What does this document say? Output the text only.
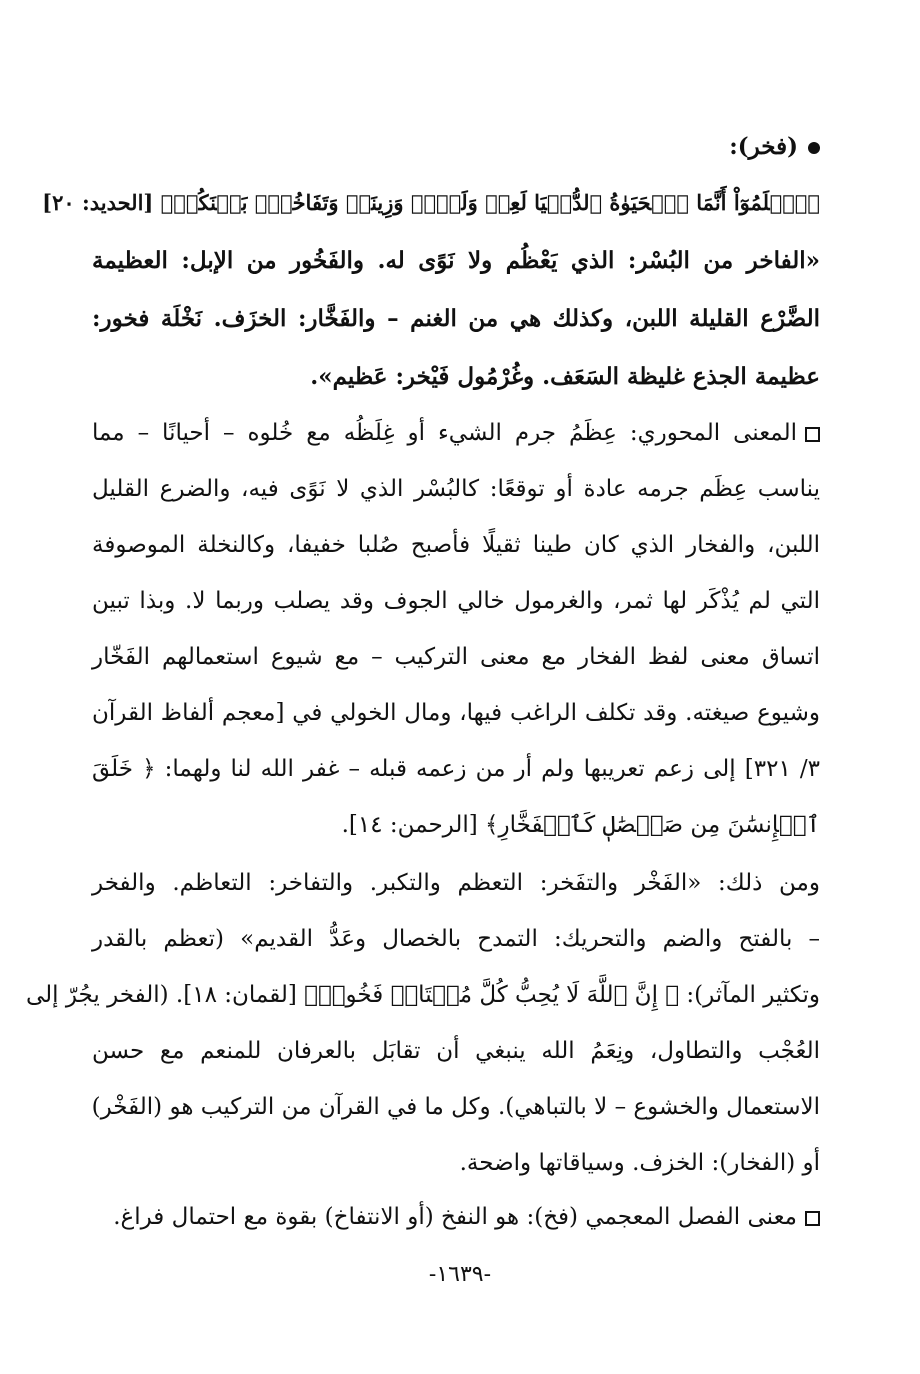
(فخر):
﴿ٱعۡلَمُوٓاْ أَنَّمَا ٱلۡحَيَوٰةُ ٱلدُّنۡيَا لَعِبٞ وَلَهۡوٞ وَزِينَةٞ وَتَفَاخُرُۢ بَيۡنَكُمۡ﴾ [الحديد: ٢٠]
«الفاخر من البُسْر: الذي يَعْظُم ولا نَوًى له. والفَخُور من الإبل: العظيمة
الضَّرْع القليلة اللبن، وكذلك هي من الغنم – والفَخَّار: الخزَف. نَخْلَة فخور:
عظيمة الجذع غليظة السَعَف. وغُرْمُول فَيْخر: عَظيم».
المعنى المحوري: عِظَمُ جرم الشيء أو غِلَظُه مع خُلوه – أحيانًا – مما
يناسب عِظَم جرمه عادة أو توقعًا: كالبُسْر الذي لا نَوًى فيه، والضرع القليل
اللبن، والفخار الذي كان طينا ثقيلًا فأصبح صُلبا خفيفا، وكالنخلة الموصوفة
التي لم يُذْكَر لها ثمر، والغرمول خالي الجوف وقد يصلب وربما لا. وبذا تبين
اتساق معنى لفظ الفخار مع معنى التركيب – مع شيوع استعمالهم الفَخّار
وشيوع صيغته. وقد تكلف الراغب فيها، ومال الخولي في [معجم ألفاظ القرآن
٣/ ٣٢١] إلى زعم تعريبها ولم أر من زعمه قبله – غفر الله لنا ولهما: ﴿ خَلَقَ
ٱلۡإِنسَٰنَ مِن صَلۡصَٰلٖ كَٱلۡفَخَّارِ﴾ [الرحمن: ١٤].
ومن ذلك: «الفَخْر والتفَخر: التعظم والتكبر. والتفاخر: التعاظم. والفخر
– بالفتح والضم والتحريك: التمدح بالخصال وعَدُّ القديم» (تعظم بالقدر
وتكثير المآثر): ﴿ إِنَّ ٱللَّهَ لَا يُحِبُّ كُلَّ مُخۡتَالٖ فَخُورٖ﴾ [لقمان: ١٨]. (الفخر يجُرّ إلى
العُجْب والتطاول، ونِعَمُ الله ينبغي أن تقابَل بالعرفان للمنعم مع حسن
الاستعمال والخشوع – لا بالتباهي). وكل ما في القرآن من التركيب هو (الفَخْر)
أو (الفخار): الخزف. وسياقاتها واضحة.
معنى الفصل المعجمي (فخ): هو النفخ (أو الانتفاخ) بقوة مع احتمال فراغ.
-١٦٣٩-
